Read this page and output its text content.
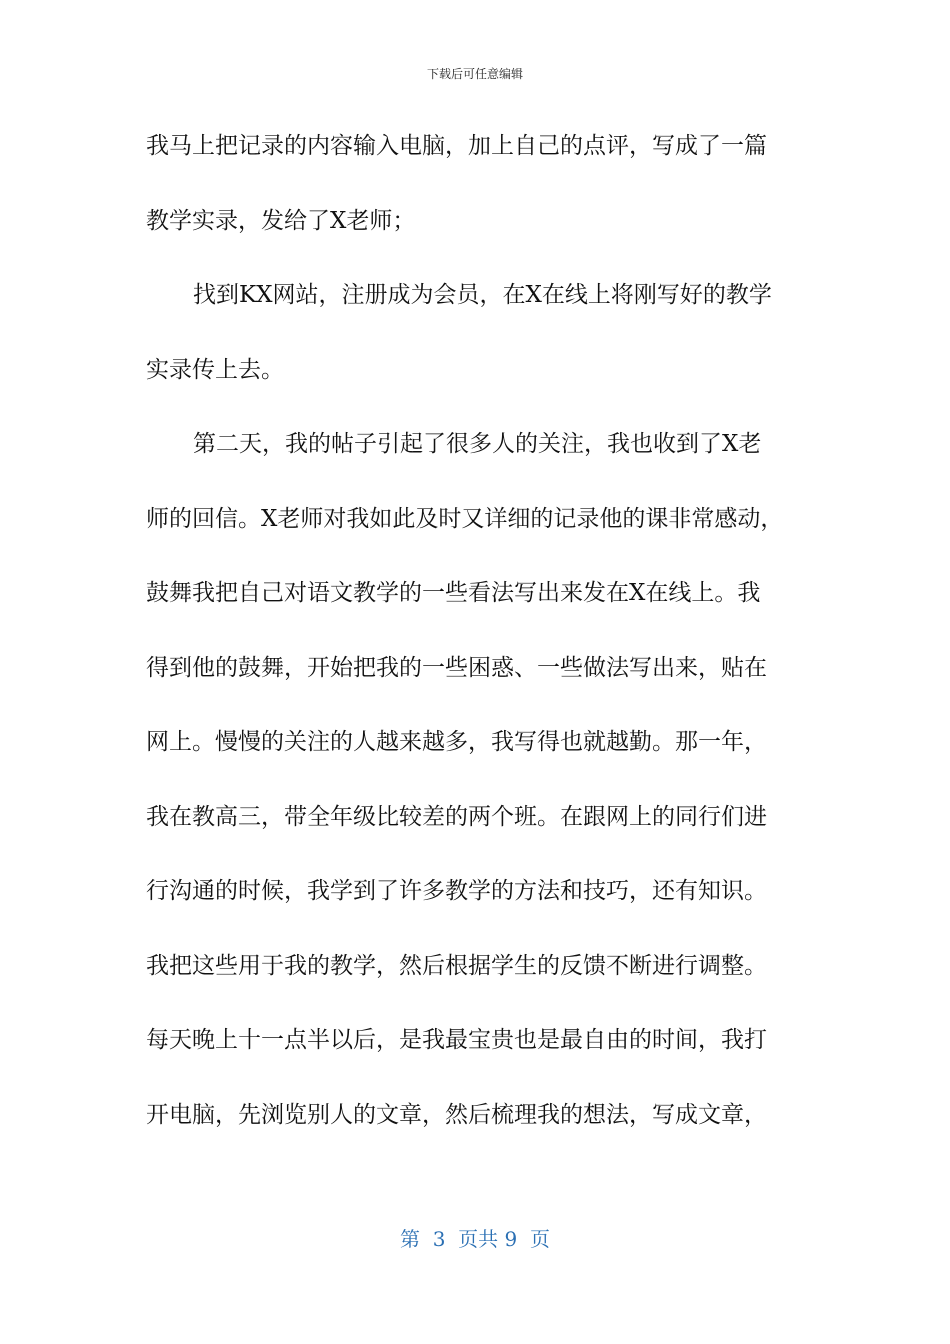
下载后可任意编辑
我马上把记录的内容输入电脑，加上自己的点评，写成了一篇
教学实录，发给了X老师；
找到KX网站，注册成为会员，在X在线上将刚写好的教学
实录传上去。
第二天，我的帖子引起了很多人的关注，我也收到了X老
师的回信。X老师对我如此及时又详细的记录他的课非常感动，
鼓舞我把自己对语文教学的一些看法写出来发在X在线上。我
得到他的鼓舞，开始把我的一些困惑、一些做法写出来，贴在
网上。慢慢的关注的人越来越多，我写得也就越勤。那一年，
我在教高三，带全年级比较差的两个班。在跟网上的同行们进
行沟通的时候，我学到了许多教学的方法和技巧，还有知识。
我把这些用于我的教学，然后根据学生的反馈不断进行调整。
每天晚上十一点半以后，是我最宝贵也是最自由的时间，我打
开电脑，先浏览别人的文章，然后梳理我的想法，写成文章，
第  3  页共 9  页
